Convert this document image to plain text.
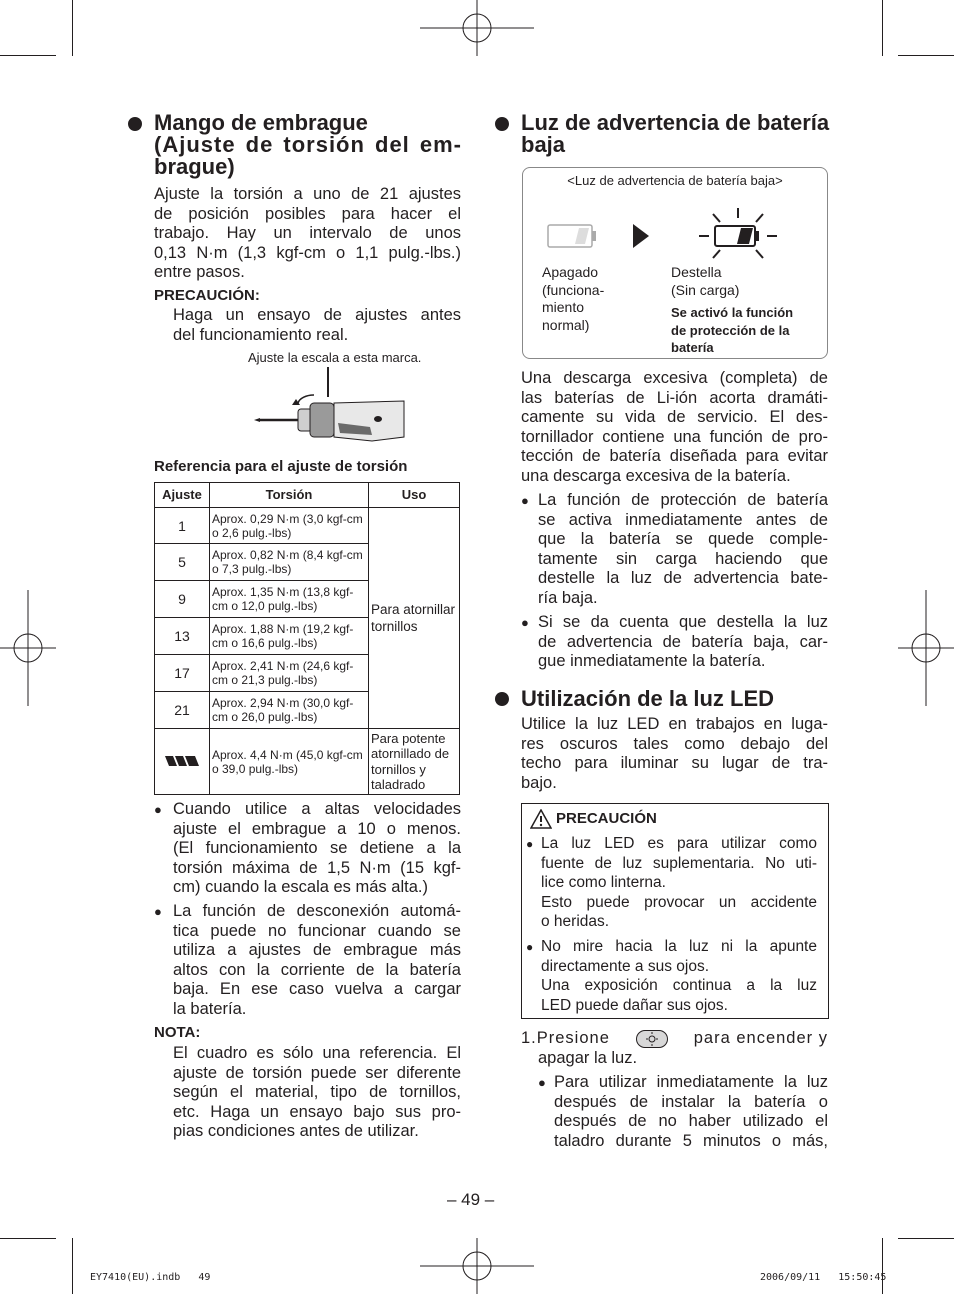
Mango de embrague
(Ajuste de torsión del em-
brague)
Ajuste la torsión a uno de 21 ajustes
de posición posibles para hacer el
trabajo. Hay un intervalo de unos
0,13 N·m (1,3 kgf-cm o 1,1 pulg.-lbs.)
entre pasos.
PRECAUCIÓN:
Haga un ensayo de ajustes antes
del funcionamiento real.
Ajuste la escala a esta marca.
Referencia para el ajuste de torsión
Ajuste	Torsión	Uso
1	Aprox. 0,29 N·m (3,0 kgf-cm o 2,6 pulg.-lbs)	Para atornillar tornillos
5	Aprox. 0,82 N·m (8,4 kgf-cm o 7,3 pulg.-lbs)	
9	Aprox. 1,35 N·m (13,8 kgf-cm o 12,0 pulg.-lbs)	
13	Aprox. 1,88 N·m (19,2 kgf-cm o 16,6 pulg.-lbs)	
17	Aprox. 2,41 N·m (24,6 kgf-cm o 21,3 pulg.-lbs)	
21	Aprox. 2,94 N·m (30,0 kgf-cm o 26,0 pulg.-lbs)	
	Aprox. 4,4 N·m (45,0 kgf-cm o 39,0 pulg.-lbs)	Para potente atornillado de tornillos y taladrado
● Cuando utilice a altas velocidades
ajuste el embrague a 10 o menos.
(El funcionamiento se detiene a la
torsión máxima de 1,5 N·m (15 kgf-
cm) cuando la escala es más alta.)
● La función de desconexión automá-
tica puede no funcionar cuando se
utiliza a ajustes de embrague más
altos con la corriente de la batería
baja. En ese caso vuelva a cargar
la batería.
NOTA:
El cuadro es sólo una referencia. El
ajuste de torsión puede ser diferente
según el material, tipo de tornillos,
etc. Haga un ensayo bajo sus pro-
pias condiciones antes de utilizar.
Luz de advertencia de batería
baja
<Luz de advertencia de batería baja>
Apagado
(funciona-
miento
normal)
Destella
(Sin carga)
Se activó la función
de protección de la
batería
Una descarga excesiva (completa) de
las baterías de Li-ión acorta dramáti-
camente su vida de servicio. El des-
tornillador contiene una función de pro-
tección de batería diseñada para evitar
una descarga excesiva de la batería.
● La función de protección de batería
se activa inmediatamente antes de
que la batería se quede comple-
tamente sin carga haciendo que
destelle la luz de advertencia bate-
ría baja.
● Si se da cuenta que destella la luz
de advertencia de batería baja, car-
gue inmediatamente la batería.
Utilización de la luz LED
Utilice la luz LED en trabajos en luga-
res oscuros tales como debajo del
techo para iluminar su lugar de tra-
bajo.
PRECAUCIÓN
● La luz LED es para utilizar como
fuente de luz suplementaria. No uti-
lice como linterna.
Esto puede provocar un accidente
o heridas.
● No mire hacia la luz ni la apunte
directamente a sus ojos.
Una exposición continua a la luz
LED puede dañar sus ojos.
1.Presione	para encender y
apagar la luz.
● Para utilizar inmediatamente la luz
después de instalar la batería o
después de no haber utilizado el
taladro durante 5 minutos o más,
– 49 –
EY7410(EU).indb   49	2006/09/11   15:50:45
